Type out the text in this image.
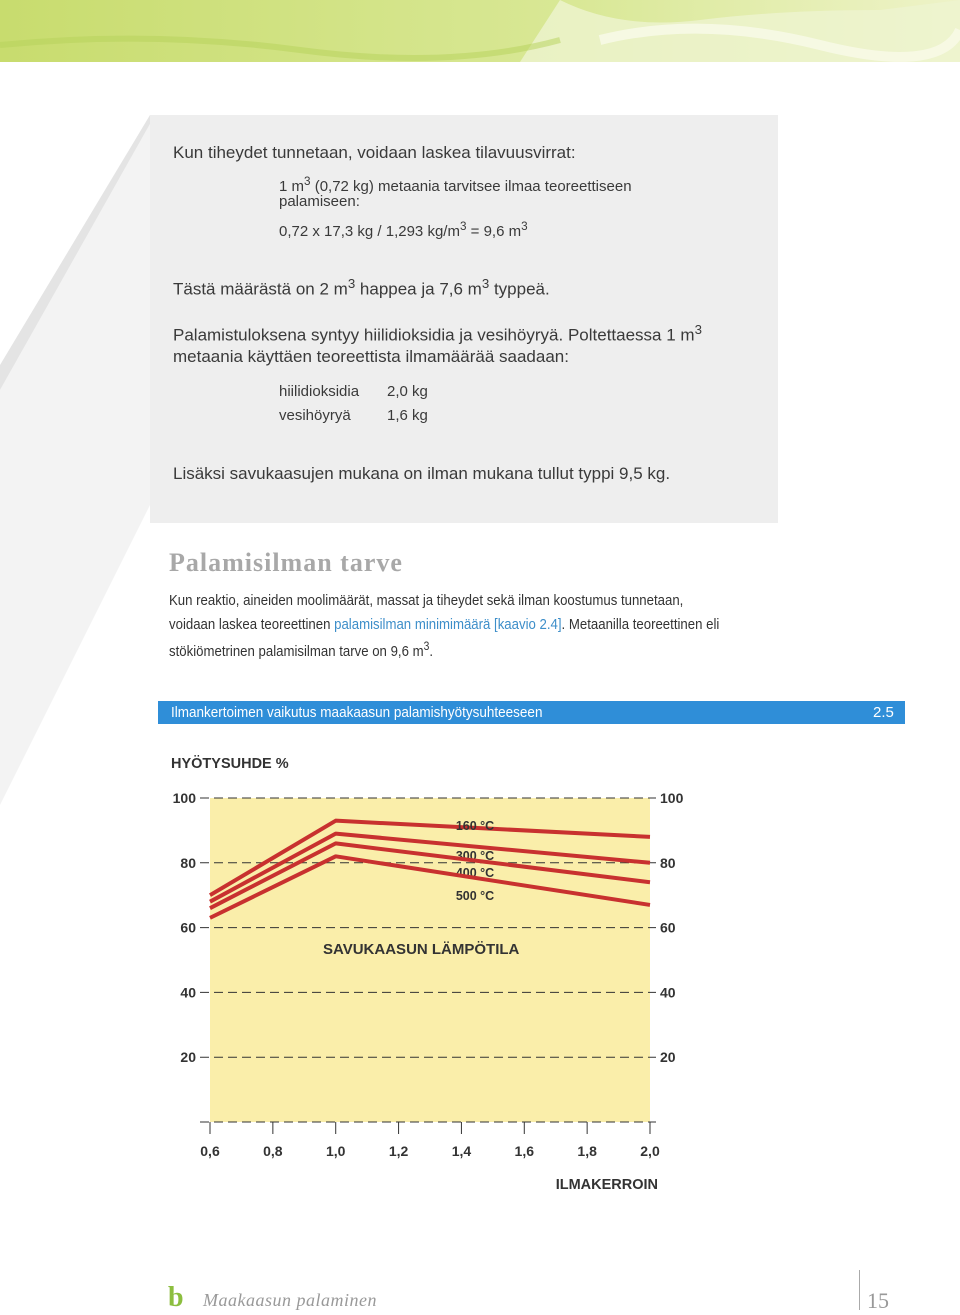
Kun tiheydet tunnetaan, voidaan laskea tilavuusvirrat:
1 $m^3$ (0,72 kg) metaania tarvitsee ilmaa teoreettiseen
palamiseen:
0,72 x 17,3 kg / 1,293 $kg/m^3 = 9,6$ $m^3$
Tästä määrästä on 2 $m^3$ happea ja 7,6 $m^3$ typpeä.
Palamistuloksena syntyy hiilidioksidia ja vesihöyryä. Poltettaessa 1 $m^3$
metaania käyttäen teoreettista ilmamäärää saadaan:
hiilidioksidia 2,0 kg
vesihöyryä 1,6 kg
Lisäksi savukaasujen mukana on ilman mukana tullut typpi 9,5 kg.
Palamisilman tarve
Kun reaktio, aineiden moolimäärät, massat ja tiheydet sekä ilman koostumus tunnetaan,
voidaan laskea teoreettinen palamisilman minimimäärä [kaavio 2.4]. Metaanilla teoreettinen eli
stökiömetrinen palamisilman tarve on 9,6 $m^3$.
Ilmankertoimen vaikutus maakaasun palamishyötysuhteeseen	2.5
20	20
40	40
60	60
80	80
100	100
0,6	0,8	1,0	1,2	1,4	1,6	1,8	2,0
HYÖTYSUHDE %
ILMAKERROIN
SAVUKAASUN LÄMPÖTILA
160 °C
300 °C
400 °C
500 °C
b Maakaasun palaminen	15
